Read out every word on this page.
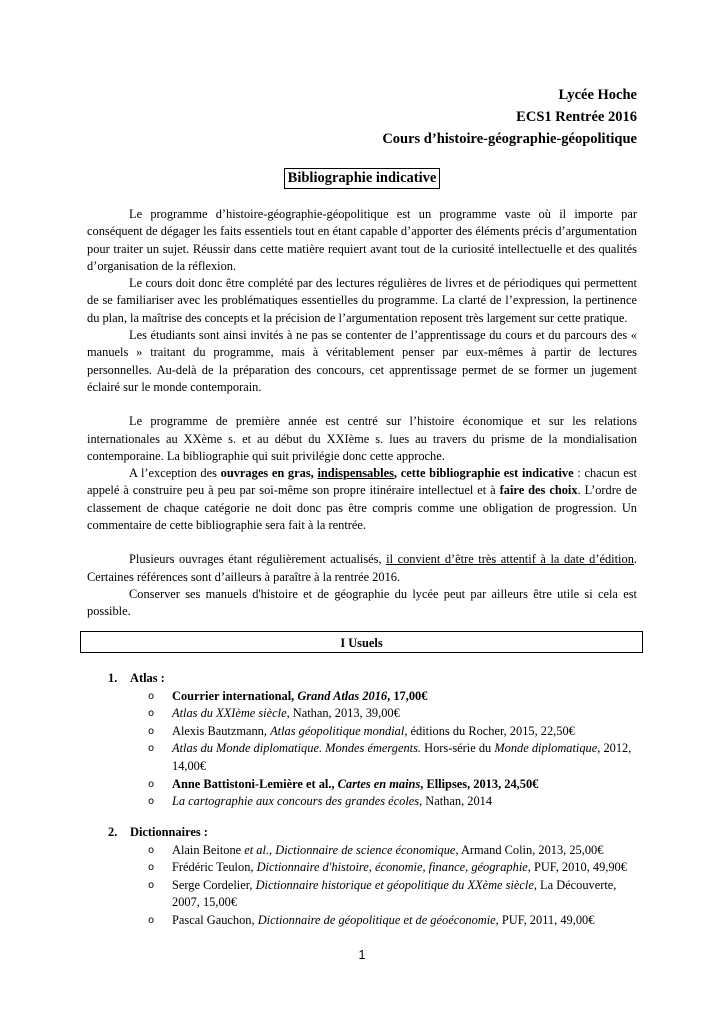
Lycée Hoche
ECS1 Rentrée 2016
Cours d’histoire-géographie-géopolitique
Bibliographie indicative

Le programme d’histoire-géographie-géopolitique est un programme vaste où il importe par conséquent de dégager les faits essentiels tout en étant capable d’apporter des éléments précis d’argumentation pour traiter un sujet. Réussir dans cette matière requiert avant tout de la curiosité intellectuelle et des qualités d’organisation de la réflexion.

Le cours doit donc être complété par des lectures régulières de livres et de périodiques qui permettent de se familiariser avec les problématiques essentielles du programme. La clarté de l’expression, la pertinence du plan, la maîtrise des concepts et la précision de l’argumentation reposent très largement sur cette pratique.

Les étudiants sont ainsi invités à ne pas se contenter de l’apprentissage du cours et du parcours des « manuels » traitant du programme, mais à véritablement penser par eux-mêmes à partir de lectures personnelles. Au-delà de la préparation des concours, cet apprentissage permet de se former un jugement éclairé sur le monde contemporain.

Le programme de première année est centré sur l’histoire économique et sur les relations internationales au XXème s. et au début du XXIème s. lues au travers du prisme de la mondialisation contemporaine. La bibliographie qui suit privilégie donc cette approche.

A l’exception des ouvrages en gras, indispensables, cette bibliographie est indicative : chacun est appelé à construire peu à peu par soi-même son propre itinéraire intellectuel et à faire des choix. L’ordre de classement de chaque catégorie ne doit donc pas être compris comme une obligation de progression. Un commentaire de cette bibliographie sera fait à la rentrée.

Plusieurs ouvrages étant régulièrement actualisés, il convient d’être très attentif à la date d’édition. Certaines références sont d’ailleurs à paraître à la rentrée 2016.

Conserver ses manuels d'histoire et de géographie du lycée peut par ailleurs être utile si cela est possible.

I Usuels
1. Atlas :
o Courrier international, Grand Atlas 2016, 17,00€
o Atlas du XXIème siècle, Nathan, 2013, 39,00€
o Alexis Bautzmann, Atlas géopolitique mondial, éditions du Rocher, 2015, 22,50€
o Atlas du Monde diplomatique. Mondes émergents. Hors-série du Monde diplomatique, 2012,
14,00€
o Anne Battistoni-Lemière et al., Cartes en mains, Ellipses, 2013, 24,50€
o La cartographie aux concours des grandes écoles, Nathan, 2014
2. Dictionnaires :
o Alain Beitone et al., Dictionnaire de science économique, Armand Colin, 2013, 25,00€
o Frédéric Teulon, Dictionnaire d'histoire, économie, finance, géographie, PUF, 2010, 49,90€
o Serge Cordelier, Dictionnaire historique et géopolitique du XXème siècle, La Découverte,
2007, 15,00€
o Pascal Gauchon, Dictionnaire de géopolitique et de géoéconomie, PUF, 2011, 49,00€
1
